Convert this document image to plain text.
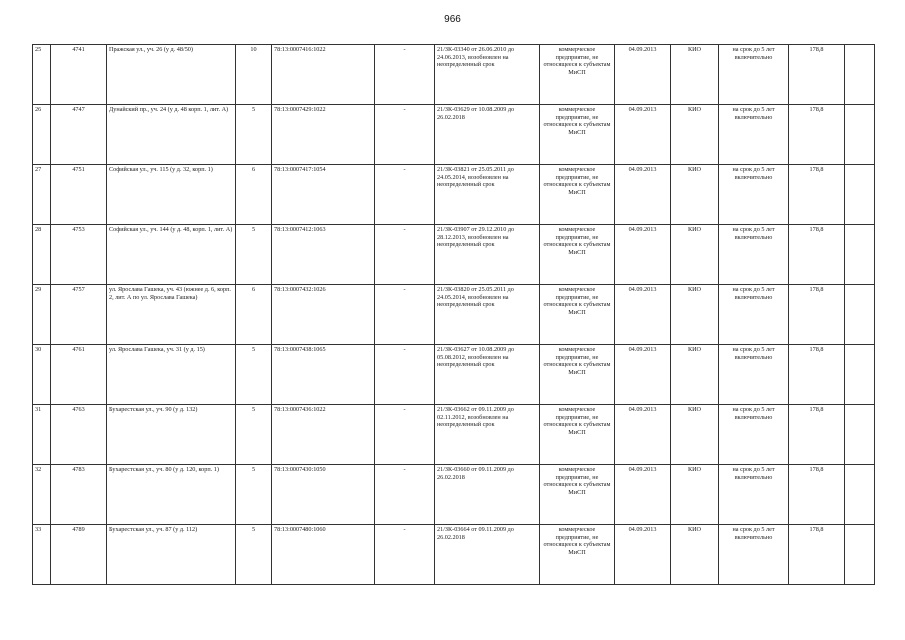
966
25	4741	Пражская ул., уч. 26 (у д. 48/50)	10	78:13:0007416:1022	-	21/ЗК-03340 от 26.06.2010 до 24.06.2013, возобновлен на неопределенный срок	коммерческое предприятие, не относящееся к субъектам МиСП	04.09.2013	КИО	на срок до 5 лет включительно	178,8	
26	4747	Дунайский пр., уч. 24 (у д. 48 корп. 1, лит. А)	5	78:13:0007429:1022	-	21/ЗК-03629 от 10.08.2009 до 26.02.2018	коммерческое предприятие, не относящееся к субъектам МиСП	04.09.2013	КИО	на срок до 5 лет включительно	178,8	
27	4751	Софийская ул., уч. 115 (у д. 32, корп. 1)	6	78:13:0007417:1054	-	21/ЗК-03821 от 25.05.2011 до 24.05.2014, возобновлен на неопределенный срок	коммерческое предприятие, не относящееся к субъектам МиСП	04.09.2013	КИО	на срок до 5 лет включительно	178,8	
28	4753	Софийская ул., уч. 144 (у д. 48, корп. 1, лит. А)	5	78:13:0007412:1063	-	21/ЗК-03907 от 29.12.2010 до 28.12.2013, возобновлен на неопределенный срок	коммерческое предприятие, не относящееся к субъектам МиСП	04.09.2013	КИО	на срок до 5 лет включительно	178,8	
29	4757	ул. Ярослава Гашека, уч. 43 (южнее д. 6, корп. 2, лит. А по ул. Ярослава Гашека)	6	78:13:0007432:1026	-	21/ЗК-03820 от 25.05.2011 до 24.05.2014, возобновлен на неопределенный срок	коммерческое предприятие, не относящееся к субъектам МиСП	04.09.2013	КИО	на срок до 5 лет включительно	178,8	
30	4761	ул. Ярослава Гашека, уч. 31 (у д. 15)	5	78:13:0007438:1065	-	21/ЗК-03627 от 10.08.2009 до 05.08.2012, возобновлен на неопределенный срок	коммерческое предприятие, не относящееся к субъектам МиСП	04.09.2013	КИО	на срок до 5 лет включительно	178,8	
31	4763	Бухарестская ул., уч. 90 (у д. 132)	5	78:13:0007436:1022	-	21/ЗК-03662 от 09.11.2009 до 02.11.2012, возобновлен на неопределенный срок	коммерческое предприятие, не относящееся к субъектам МиСП	04.09.2013	КИО	на срок до 5 лет включительно	178,8	
32	4783	Бухарестская ул., уч. 80 (у д. 120, корп. 1)	5	78:13:0007430:1050	-	21/ЗК-03660 от 09.11.2009 до 26.02.2018	коммерческое предприятие, не относящееся к субъектам МиСП	04.09.2013	КИО	на срок до 5 лет включительно	178,8	
33	4789	Бухарестская ул., уч. 87 (у д. 112)	5	78:13:0007480:1060	-	21/ЗК-03664 от 09.11.2009 до 26.02.2018	коммерческое предприятие, не относящееся к субъектам МиСП	04.09.2013	КИО	на срок до 5 лет включительно	178,8	
